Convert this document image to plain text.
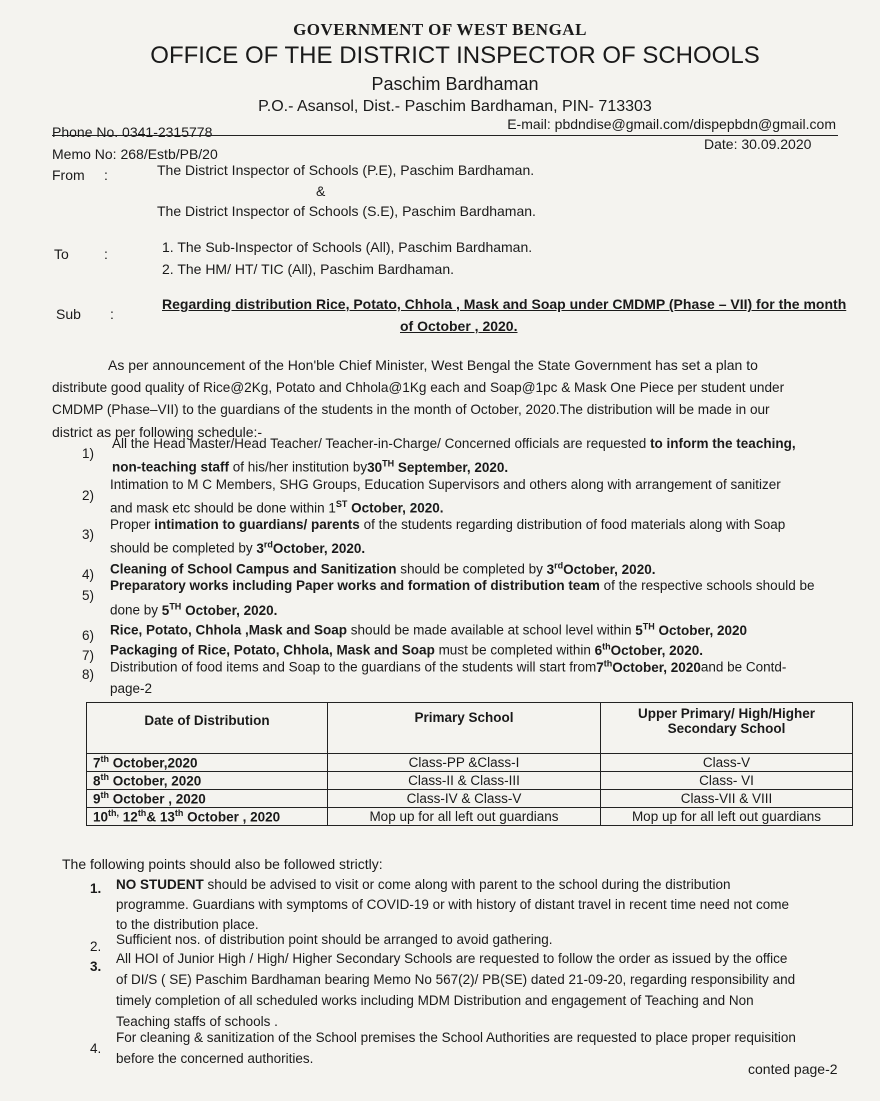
GOVERNMENT OF WEST BENGAL
OFFICE OF THE DISTRICT INSPECTOR OF SCHOOLS
Paschim Bardhaman
P.O.- Asansol, Dist.- Paschim Bardhaman, PIN- 713303
Phone No. 0341-2315778	E-mail: pbdndise@gmail.com/dispepbdn@gmail.com
Memo No: 268/Estb/PB/20
Date: 30.09.2020
From :	The District Inspector of Schools (P.E), Paschim Bardhaman.
&
The District Inspector of Schools (S.E), Paschim Bardhaman.
To	:	1. The Sub-Inspector of Schools (All), Paschim Bardhaman.
2. The HM/ HT/ TIC (All), Paschim Bardhaman.
Sub :
Regarding distribution Rice, Potato, Chhola , Mask and Soap under CMDMP (Phase – VII) for the month
of October , 2020.
As per announcement of the Hon'ble Chief Minister, West Bengal the State Government has set a plan to
distribute good quality of Rice@2Kg, Potato and Chhola@1Kg each and Soap@1pc & Mask One Piece per student under
CMDMP (Phase–VII) to the guardians of the students in the month of October, 2020.The distribution will be made in our
district as per following schedule:-
1)
All the Head Master/Head Teacher/ Teacher-in-Charge/ Concerned officials are requested to inform the teaching,
non-teaching staff of his/her institution by30TH September, 2020.
2)
Intimation to M C Members, SHG Groups, Education Supervisors and others along with arrangement of sanitizer
and mask etc should be done within 1ST October, 2020.
3)
Proper intimation to guardians/ parents of the students regarding distribution of food materials along with Soap
should be completed by 3rdOctober, 2020.
4) Cleaning of School Campus and Sanitization should be completed by 3rdOctober, 2020.
5)
Preparatory works including Paper works and formation of distribution team of the respective schools should be
done by 5TH October, 2020.
6) Rice, Potato, Chhola ,Mask and Soap should be made available at school level within 5TH October, 2020
7) Packaging of Rice, Potato, Chhola, Mask and Soap must be completed within 6thOctober, 2020.
8) Distribution of food items and Soap to the guardians of the students will start from7thOctober, 2020and be Contd-
page-2
Date of Distribution	Primary School	Upper Primary/ High/Higher
Secondary School
7th October,2020	Class-PP &Class-I	Class-V
8th October, 2020	Class-II & Class-III	Class- VI
9th October , 2020	Class-IV & Class-V	Class-VII & VIII
$10^{th,}$ 12th& 13th October , 2020	Mop up for all left out guardians	Mop up for all left out guardians
The following points should also be followed strictly:
1. NO STUDENT should be advised to visit or come along with parent to the school during the distribution
programme. Guardians with symptoms of COVID-19 or with history of distant travel in recent time need not come
to the distribution place.
2. Sufficient nos. of distribution point should be arranged to avoid gathering.
3.
All HOI of Junior High / High/ Higher Secondary Schools are requested to follow the order as issued by the office
of DI/S ( SE) Paschim Bardhaman bearing Memo No 567(2)/ PB(SE) dated 21-09-20, regarding responsibility and
timely completion of all scheduled works including MDM Distribution and engagement of Teaching and Non
Teaching staffs of schools .
4.
For cleaning & sanitization of the School premises the School Authorities are requested to place proper requisition
before the concerned authorities.
conted page-2
